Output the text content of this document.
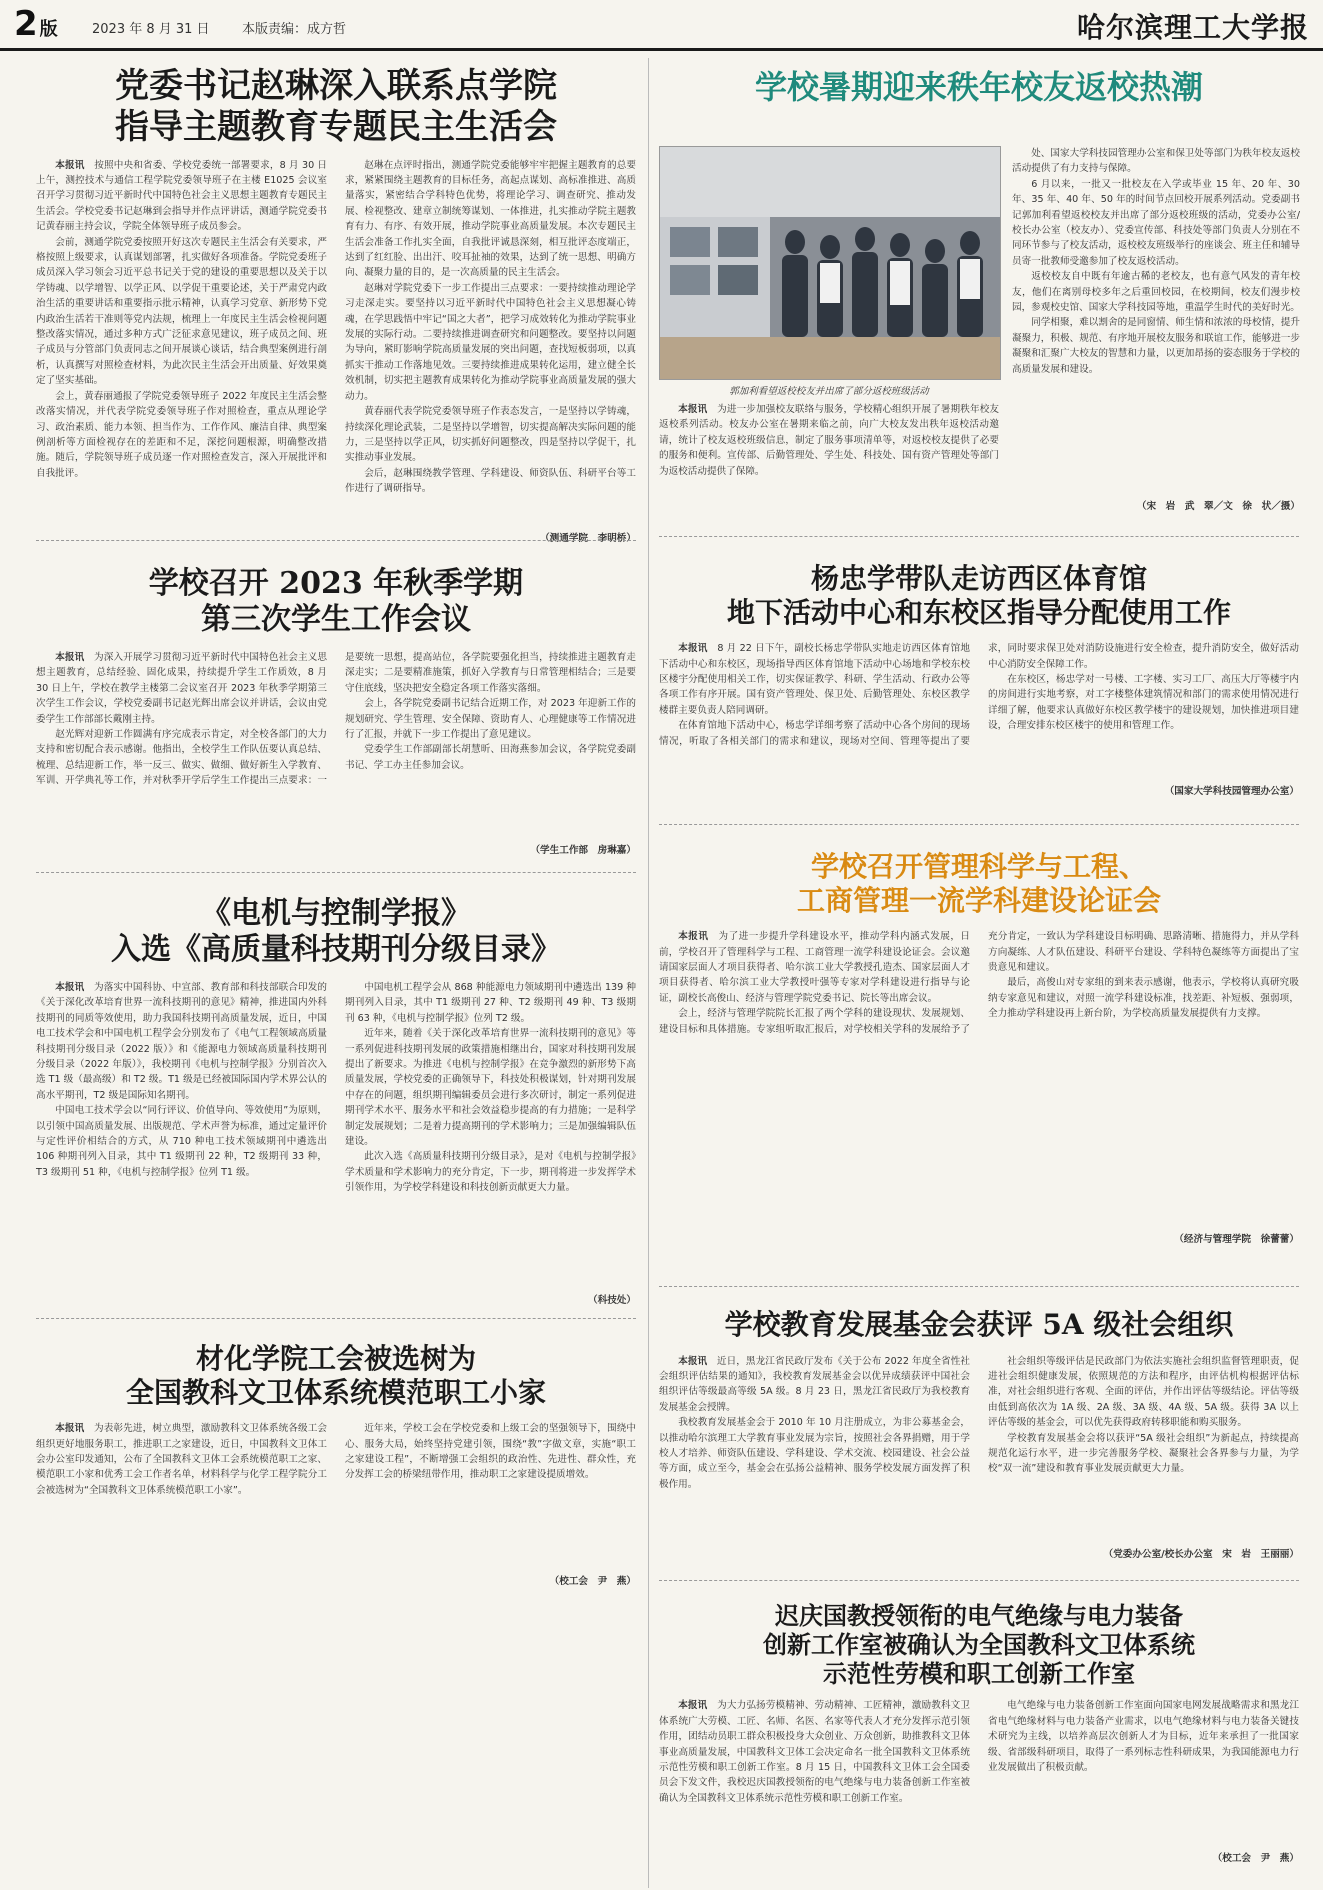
2 版	2023 年 8 月 31 日 本版责编：成方哲	哈尔滨理工大学报
党委书记赵琳深入联系点学院
指导主题教育专题民主生活会

本报讯　 按照中央和省委、学校党委统一部署要求，8 月 30 日上午，测控技术与通信工程学院党委领导班子在主楼 E1025 会议室召开学习贯彻习近平新时代中国特色社会主义思想主题教育专题民主生活会。学校党委书记赵琳到会指导并作点评讲话，测通学院党委书记黄春丽主持会议，学院全体领导班子成员参会。

会前，测通学院党委按照开好这次专题民主生活会有关要求，严格按照上级要求，认真谋划部署，扎实做好各项准备。学院党委班子成员深入学习领会习近平总书记关于党的建设的重要思想以及关于以学铸魂、以学增智、以学正风、以学促干重要论述，关于严肃党内政治生活的重要讲话和重要指示批示精神，认真学习党章、新形势下党内政治生活若干准则等党内法规，梳理上一年度民主生活会检视问题整改落实情况，通过多种方式广泛征求意见建议，班子成员之间、班子成员与分管部门负责同志之间开展谈心谈话，结合典型案例进行剖析，认真撰写对照检查材料，为此次民主生活会开出质量、好效果奠定了坚实基础。

会上，黄春丽通报了学院党委领导班子 2022 年度民主生活会整改落实情况，并代表学院党委领导班子作对照检查，重点从理论学习、政治素质、能力本领、担当作为、工作作风、廉洁自律、典型案例剖析等方面检视存在的差距和不足，深挖问题根源，明确整改措施。随后，学院领导班子成员逐一作对照检查发言，深入开展批评和自我批评。

赵琳在点评时指出，测通学院党委能够牢牢把握主题教育的总要求，紧紧围绕主题教育的目标任务，高起点谋划、高标准推进、高质量落实，紧密结合学科特色优势，将理论学习、调查研究、推动发展、检视整改、建章立制统筹谋划、一体推进，扎实推动学院主题教育有力、有序、有效开展，推动学院事业高质量发展。本次专题民主生活会准备工作扎实全面，自我批评诚恳深刻，相互批评态度端正，达到了红红脸、出出汗、咬耳扯袖的效果，达到了统一思想、明确方向、凝聚力量的目的，是一次高质量的民主生活会。

赵琳对学院党委下一步工作提出三点要求：一要持续推动理论学习走深走实。要坚持以习近平新时代中国特色社会主义思想凝心铸魂，在学思践悟中牢记“国之大者”，把学习成效转化为推动学院事业发展的实际行动。二要持续推进调查研究和问题整改。要坚持以问题为导向，紧盯影响学院高质量发展的突出问题，查找短板弱项，以真抓实干推动工作落地见效。三要持续推进成果转化运用，建立健全长效机制，切实把主题教育成果转化为推动学院事业高质量发展的强大动力。

黄春丽代表学院党委领导班子作表态发言，一是坚持以学铸魂，持续深化理论武装，二是坚持以学增智，切实提高解决实际问题的能力，三是坚持以学正风，切实抓好问题整改，四是坚持以学促干，扎实推动事业发展。

会后，赵琳围绕教学管理、学科建设、师资队伍、科研平台等工作进行了调研指导。

（测通学院　李明桥）
学校召开 2023 年秋季学期
第三次学生工作会议

本报讯　 为深入开展学习贯彻习近平新时代中国特色社会主义思想主题教育，总结经验、固化成果，持续提升学生工作质效，8 月 30 日上午，学校在教学主楼第二会议室召开 2023 年秋季学期第三次学生工作会议，学校党委副书记赵光辉出席会议并讲话，会议由党委学生工作部部长戴刚主持。

赵光辉对迎新工作圆满有序完成表示肯定，对全校各部门的大力支持和密切配合表示感谢。他指出，全校学生工作队伍要认真总结、梳理、总结迎新工作，举一反三、做实、做细、做好新生入学教育、军训、开学典礼等工作，并对秋季开学后学生工作提出三点要求：一是要统一思想，提高站位，各学院要强化担当，持续推进主题教育走深走实；二是要精准施策，抓好入学教育与日常管理相结合；三是要守住底线，坚决把安全稳定各项工作落实落细。

会上，各学院党委副书记结合近期工作，对 2023 年迎新工作的规划研究、学生管理、安全保障、资助育人、心理健康等工作情况进行了汇报，并就下一步工作提出了意见建议。

党委学生工作部副部长胡慧昕、田海燕参加会议，各学院党委副书记、学工办主任参加会议。

（学生工作部　房琳嘉）
《电机与控制学报》
入选《高质量科技期刊分级目录》

本报讯　 为落实中国科协、中宣部、教育部和科技部联合印发的《关于深化改革培育世界一流科技期刊的意见》精神，推进国内外科技期刊的同质等效使用，助力我国科技期刊高质量发展，近日，中国电工技术学会和中国电机工程学会分别发布了《电气工程领域高质量科技期刊分级目录（2022 版）》和《能源电力领域高质量科技期刊分级目录（2022 年版）》，我校期刊《电机与控制学报》分别首次入选 T1 级（最高级）和 T2 级。T1 级是已经被国际国内学术界公认的高水平期刊，T2 级是国际知名期刊。

中国电工技术学会以“同行评议、价值导向、等效使用”为原则，以引领中国高质量发展、出版规范、学术声誉为标准，通过定量评价与定性评价相结合的方式，从 710 种电工技术领域期刊中遴选出 106 种期刊列入目录，其中 T1 级期刊 22 种，T2 级期刊 33 种，T3 级期刊 51 种，《电机与控制学报》位列 T1 级。

中国电机工程学会从 868 种能源电力领域期刊中遴选出 139 种期刊列入目录，其中 T1 级期刊 27 种、T2 级期刊 49 种、T3 级期刊 63 种，《电机与控制学报》位列 T2 级。

近年来，随着《关于深化改革培育世界一流科技期刊的意见》等一系列促进科技期刊发展的政策措施相继出台，国家对科技期刊发展提出了新要求。为推进《电机与控制学报》在竞争激烈的新形势下高质量发展，学校党委的正确领导下，科技处积极谋划，针对期刊发展中存在的问题，组织期刊编辑委员会进行多次研讨，制定一系列促进期刊学术水平、服务水平和社会效益稳步提高的有力措施；一是科学制定发展规划；二是着力提高期刊的学术影响力；三是加强编辑队伍建设。

此次入选《高质量科技期刊分级目录》，是对《电机与控制学报》学术质量和学术影响力的充分肯定，下一步，期刊将进一步发挥学术引领作用，为学校学科建设和科技创新贡献更大力量。

（科技处）
材化学院工会被选树为
全国教科文卫体系统模范职工小家

本报讯　 为表彰先进，树立典型，激励教科文卫体系统各级工会组织更好地服务职工，推进职工之家建设，近日，中国教科文卫体工会办公室印发通知，公布了全国教科文卫体工会系统模范职工之家、模范职工小家和优秀工会工作者名单，材料科学与化学工程学院分工会被选树为“全国教科文卫体系统模范职工小家”。

近年来，学校工会在学校党委和上级工会的坚强领导下，围绕中心、服务大局，始终坚持党建引领，围绕“教”字做文章，实施“职工之家建设工程”，不断增强工会组织的政治性、先进性、群众性，充分发挥工会的桥梁纽带作用，推动职工之家建设提质增效。

（校工会　尹　燕）
学校暑期迎来秩年校友返校热潮
郭加利看望返校校友并出席了部分返校班级活动

本报讯　 为进一步加强校友联络与服务，学校精心组织开展了暑期秩年校友返校系列活动。校友办公室在暑期来临之前，向广大校友发出秩年返校活动邀请，统计了校友返校班级信息，制定了服务事项清单等，对返校校友提供了必要的服务和便利。宣传部、后勤管理处、学生处、科技处、国有资产管理处等部门为返校活动提供了保障。

处、国家大学科技园管理办公室和保卫处等部门为秩年校友返校活动提供了有力支持与保障。

6 月以来，一批又一批校友在入学或毕业 15 年、20 年、30 年、35 年、40 年、50 年的时间节点回校开展系列活动。党委副书记郭加利看望返校校友并出席了部分返校班级的活动，党委办公室/校长办公室（校友办）、党委宣传部、科技处等部门负责人分别在不同环节参与了校友活动，返校校友班级举行的座谈会、班主任和辅导员寄一批教师受邀参加了校友返校活动。

返校校友自中既有年逾古稀的老校友，也有意气风发的青年校友，他们在离别母校多年之后重回校园，在校期间，校友们漫步校园，参观校史馆、国家大学科技园等地，重温学生时代的美好时光。

同学相聚，难以割舍的是同窗情、师生情和浓浓的母校情，提升凝聚力，积极、规范、有序地开展校友服务和联谊工作，能够进一步凝聚和汇聚广大校友的智慧和力量，以更加昂扬的姿态服务于学校的高质量发展和建设。

（宋　岩　武　翠／文　徐　状／摄）
杨忠学带队走访西区体育馆
地下活动中心和东校区指导分配使用工作

本报讯　 8 月 22 日下午，副校长杨忠学带队实地走访西区体育馆地下活动中心和东校区，现场指导西区体育馆地下活动中心场地和学校东校区楼宇分配使用相关工作，切实保证教学、科研、学生活动、行政办公等各项工作有序开展。国有资产管理处、保卫处、后勤管理处、东校区教学楼群主要负责人陪同调研。

在体育馆地下活动中心，杨忠学详细考察了活动中心各个房间的现场情况，听取了各相关部门的需求和建议，现场对空间、管理等提出了要求，同时要求保卫处对消防设施进行安全检查，提升消防安全，做好活动中心消防安全保障工作。

在东校区，杨忠学对一号楼、工字楼、实习工厂、高压大厅等楼宇内的房间进行实地考察，对工字楼整体建筑情况和部门的需求使用情况进行详细了解，他要求认真做好东校区教学楼宇的建设规划，加快推进项目建设，合理安排东校区楼宇的使用和管理工作。

（国家大学科技园管理办公室）
学校召开管理科学与工程、
工商管理一流学科建设论证会

本报讯　 为了进一步提升学科建设水平，推动学科内涵式发展，日前，学校召开了管理科学与工程、工商管理一流学科建设论证会。会议邀请国家层面人才项目获得者、哈尔滨工业大学教授孔造杰、国家层面人才项目获得者、哈尔滨工业大学教授叶强等专家对学科建设进行指导与论证，副校长高俊山、经济与管理学院党委书记、院长等出席会议。

会上，经济与管理学院院长汇报了两个学科的建设现状、发展规划、建设目标和具体措施。专家组听取汇报后，对学校相关学科的发展给予了充分肯定，一致认为学科建设目标明确、思路清晰、措施得力，并从学科方向凝练、人才队伍建设、科研平台建设、学科特色凝练等方面提出了宝贵意见和建议。

最后，高俊山对专家组的到来表示感谢，他表示，学校将认真研究吸纳专家意见和建议，对照一流学科建设标准，找差距、补短板、强弱项，全力推动学科建设再上新台阶，为学校高质量发展提供有力支撑。

（经济与管理学院　徐蕾蕾）
学校教育发展基金会获评 5A 级社会组织

本报讯　 近日，黑龙江省民政厅发布《关于公布 2022 年度全省性社会组织评估结果的通知》，我校教育发展基金会以优异成绩获评中国社会组织评估等级最高等级 5A 级。8 月 23 日，黑龙江省民政厅为我校教育发展基金会授牌。

我校教育发展基金会于 2010 年 10 月注册成立，为非公募基金会，以推动哈尔滨理工大学教育事业发展为宗旨，按照社会各界捐赠，用于学校人才培养、师资队伍建设、学科建设、学术交流、校园建设、社会公益等方面，成立至今，基金会在弘扬公益精神、服务学校发展方面发挥了积极作用。

社会组织等级评估是民政部门为依法实施社会组织监督管理职责，促进社会组织健康发展，依照规范的方法和程序，由评估机构根据评估标准，对社会组织进行客观、全面的评估，并作出评估等级结论。评估等级由低到高依次为 1A 级、2A 级、3A 级、4A 级、5A 级。获得 3A 以上评估等级的基金会，可以优先获得政府转移职能和购买服务。

学校教育发展基金会将以获评“5A 级社会组织”为新起点，持续提高规范化运行水平，进一步完善服务学校、凝聚社会各界参与力量，为学校“双一流”建设和教育事业发展贡献更大力量。

（党委办公室/校长办公室　宋　岩　王丽丽）
迟庆国教授领衔的电气绝缘与电力装备
创新工作室被确认为全国教科文卫体系统
示范性劳模和职工创新工作室

本报讯　 为大力弘扬劳模精神、劳动精神、工匠精神，激励教科文卫体系统广大劳模、工匠、名师、名医、名家等代表人才充分发挥示范引领作用，团结动员职工群众积极投身大众创业、万众创新，助推教科文卫体事业高质量发展，中国教科文卫体工会决定命名一批全国教科文卫体系统示范性劳模和职工创新工作室。8 月 15 日，中国教科文卫体工会全国委员会下发文件，我校迟庆国教授领衔的电气绝缘与电力装备创新工作室被确认为全国教科文卫体系统示范性劳模和职工创新工作室。

电气绝缘与电力装备创新工作室面向国家电网发展战略需求和黑龙江省电气绝缘材料与电力装备产业需求，以电气绝缘材料与电力装备关键技术研究为主线，以培养高层次创新人才为目标，近年来承担了一批国家级、省部级科研项目，取得了一系列标志性科研成果，为我国能源电力行业发展做出了积极贡献。

（校工会　尹　燕）
